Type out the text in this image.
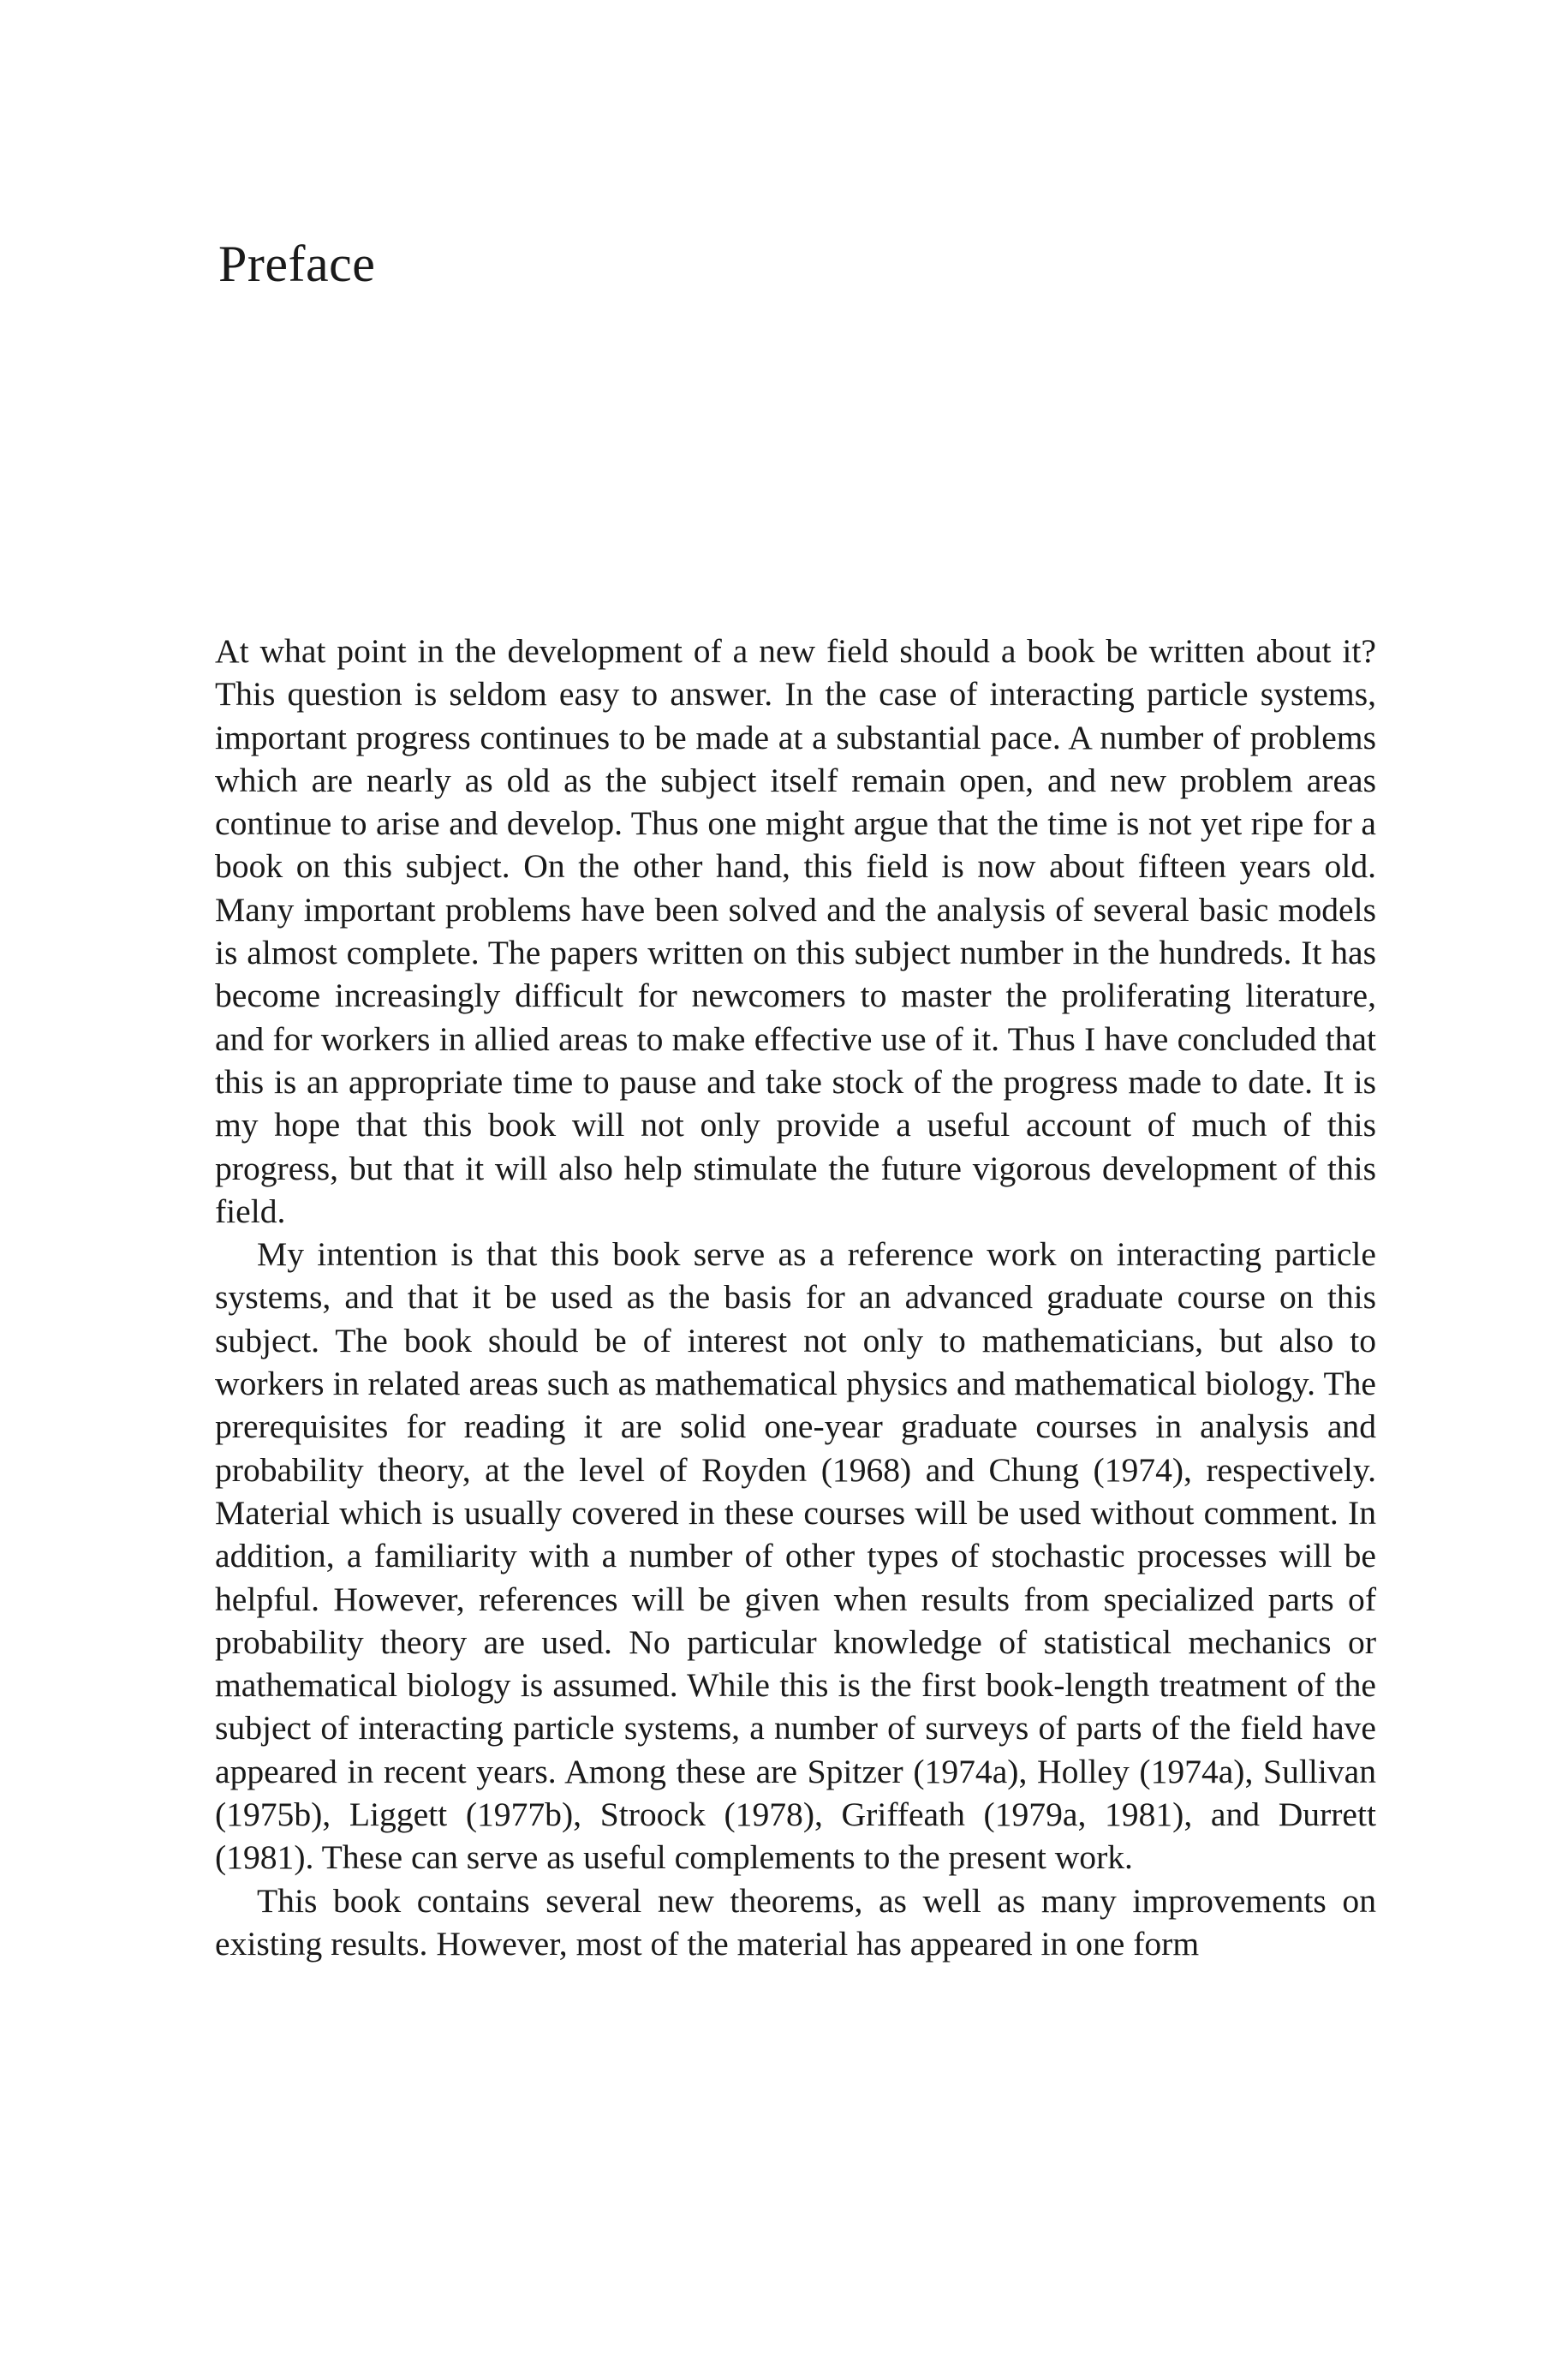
Preface

At what point in the development of a new field should a book be written about it? This question is seldom easy to answer. In the case of interacting particle systems, important progress continues to be made at a substantial pace. A number of problems which are nearly as old as the subject itself remain open, and new problem areas continue to arise and develop. Thus one might argue that the time is not yet ripe for a book on this subject. On the other hand, this field is now about fifteen years old. Many important problems have been solved and the analysis of several basic models is almost complete. The papers written on this subject number in the hundreds. It has become increasingly difficult for newcomers to master the proliferating literature, and for workers in allied areas to make effective use of it. Thus I have concluded that this is an appropriate time to pause and take stock of the progress made to date. It is my hope that this book will not only provide a useful account of much of this progress, but that it will also help stimulate the future vigorous development of this field.

My intention is that this book serve as a reference work on interacting particle systems, and that it be used as the basis for an advanced graduate course on this subject. The book should be of interest not only to mathematicians, but also to workers in related areas such as mathematical physics and mathematical biology. The prerequisites for reading it are solid one-year graduate courses in analysis and probability theory, at the level of Royden (1968) and Chung (1974), respectively. Material which is usually covered in these courses will be used without comment. In addition, a familiarity with a number of other types of stochastic processes will be helpful. However, references will be given when results from specialized parts of probability theory are used. No particular knowledge of statistical mechanics or mathematical biology is assumed. While this is the first book-length treatment of the subject of interacting particle systems, a number of surveys of parts of the field have appeared in recent years. Among these are Spitzer (1974a), Holley (1974a), Sullivan (1975b), Liggett (1977b), Stroock (1978), Griffeath (1979a, 1981), and Durrett (1981). These can serve as useful complements to the present work.

This book contains several new theorems, as well as many improvements on existing results. However, most of the material has appeared in one form
